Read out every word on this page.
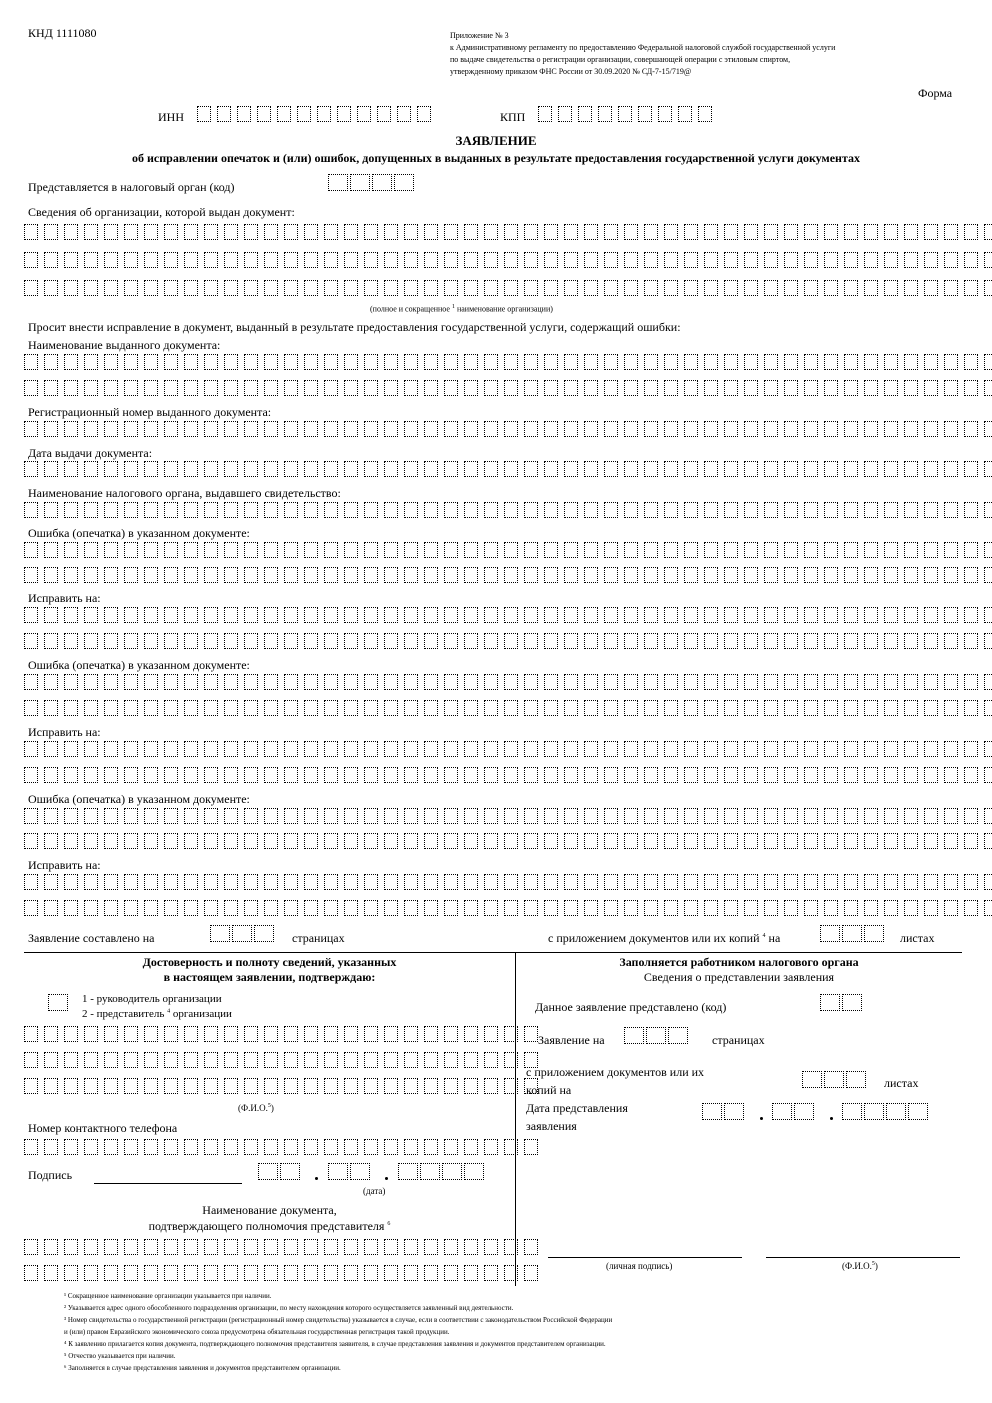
КНД 1111080	Приложение № 3
к Административному регламенту по предоставлению Федеральной налоговой службой государственной услуги
по выдаче свидетельства о регистрации организации, совершающей операции с этиловым спиртом,
утвержденному приказом ФНС России от 30.09.2020 № СД-7-15/719@
Форма
ИНН	КПП
ЗАЯВЛЕНИЕ
об исправлении опечаток и (или) ошибок, допущенных в выданных в результате предоставления государственной услуги документах
Представляется в налоговый орган (код)
Сведения об организации, которой выдан документ:
(полное и сокращенное $^1$ наименование организации)
Просит внести исправление в документ, выданный в результате предоставления государственной услуги, содержащий ошибки:
Наименование выданного документа:
Регистрационный номер выданного документа:
Дата выдачи документа:
Наименование налогового органа, выдавшего свидетельство:
Ошибка (опечатка) в указанном документе:
Исправить на:
Ошибка (опечатка) в указанном документе:
Исправить на:
Ошибка (опечатка) в указанном документе:
Исправить на:
Заявление составлено на	страницах	с приложением документов или их копий $^4$ на	листах
Достоверность и полноту сведений, указанных
в настоящем заявлении, подтверждаю:
1 - руководитель организации
2 - представитель $^4$ организации
(Ф.И.О.$^5$)
Номер контактного телефона
Подпись
(дата)
Наименование документа,
подтверждающего полномочия представителя $^6$
Заполняется работником налогового органа
Сведения о представлении заявления
Данное заявление представлено (код)
Заявление на	страницах
с приложением документов или их
копий на	листах
Дата представления
заявления
(личная подпись)	(Ф.И.О.$^5$)
¹ Сокращенное наименование организации указывается при наличии.
² Указывается адрес одного обособленного подразделения организации, по месту нахождения которого осуществляется заявленный вид деятельности.
³ Номер свидетельства о государственной регистрации (регистрационный номер свидетельства) указывается в случае, если в соответствии с законодательством Российской Федерации
и (или) правом Евразийского экономического союза предусмотрена обязательная государственная регистрация такой продукции.
⁴ К заявлению прилагается копия документа, подтверждающего полномочия представителя заявителя, в случае представления заявления и документов представителем организации.
⁵ Отчество указывается при наличии.
⁶ Заполняется в случае представления заявления и документов представителем организации.
